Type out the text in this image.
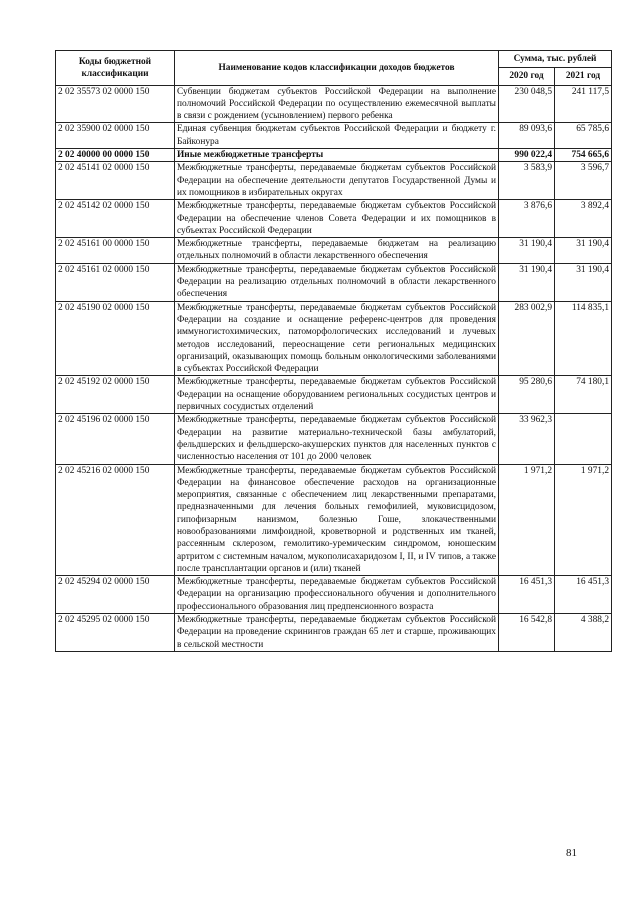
Коды бюджетной классификации	Наименование кодов классификации доходов бюджетов	Сумма, тыс. рублей	
		2020 год	2021 год
2 02 35573 02 0000 150	Субвенции бюджетам субъектов Российской Федерации на выполнение полномочий Российской Федерации по осуществлению ежемесячной выплаты в связи с рождением (усыновлением) первого ребенка	230 048,5	241 117,5
2 02 35900 02 0000 150	Единая субвенция бюджетам субъектов Российской Федерации и бюджету г. Байконура	89 093,6	65 785,6
2 02 40000 00 0000 150	Иные межбюджетные трансферты	990 022,4	754 665,6
2 02 45141 02 0000 150	Межбюджетные трансферты, передаваемые бюджетам субъектов Российской Федерации на обеспечение деятельности депутатов Государственной Думы и их помощников в избирательных округах	3 583,9	3 596,7
2 02 45142 02 0000 150	Межбюджетные трансферты, передаваемые бюджетам субъектов Российской Федерации на обеспечение членов Совета Федерации и их помощников в субъектах Российской Федерации	3 876,6	3 892,4
2 02 45161 00 0000 150	Межбюджетные трансферты, передаваемые бюджетам на реализацию отдельных полномочий в области лекарственного обеспечения	31 190,4	31 190,4
2 02 45161 02 0000 150	Межбюджетные трансферты, передаваемые бюджетам субъектов Российской Федерации на реализацию отдельных полномочий в области лекарственного обеспечения	31 190,4	31 190,4
2 02 45190 02 0000 150	Межбюджетные трансферты, передаваемые бюджетам субъектов Российской Федерации на создание и оснащение референс-центров для проведения иммуногистохимических, патоморфологических исследований и лучевых методов исследований, переоснащение сети региональных медицинских организаций, оказывающих помощь больным онкологическими заболеваниями в субъектах Российской Федерации	283 002,9	114 835,1
2 02 45192 02 0000 150	Межбюджетные трансферты, передаваемые бюджетам субъектов Российской Федерации на оснащение оборудованием региональных сосудистых центров и первичных сосудистых отделений	95 280,6	74 180,1
2 02 45196 02 0000 150	Межбюджетные трансферты, передаваемые бюджетам субъектов Российской Федерации на развитие материально-технической базы амбулаторий, фельдшерских и фельдшерско-акушерских пунктов для населенных пунктов с численностью населения от 101 до 2000 человек	33 962,3	
2 02 45216 02 0000 150	Межбюджетные трансферты, передаваемые бюджетам субъектов Российской Федерации на финансовое обеспечение расходов на организационные мероприятия, связанные с обеспечением лиц лекарственными препаратами, предназначенными для лечения больных гемофилией, муковисцидозом, гипофизарным нанизмом, болезнью Гоше, злокачественными новообразованиями лимфоидной, кроветворной и родственных им тканей, рассеянным склерозом, гемолитико-уремическим синдромом, юношеским артритом с системным началом, мукополисахаридозом I, II, и IV типов, а также после трансплантации органов и (или) тканей	1 971,2	1 971,2
2 02 45294 02 0000 150	Межбюджетные трансферты, передаваемые бюджетам субъектов Российской Федерации на организацию профессионального обучения и дополнительного профессионального образования лиц предпенсионного возраста	16 451,3	16 451,3
2 02 45295 02 0000 150	Межбюджетные трансферты, передаваемые бюджетам субъектов Российской Федерации на проведение скринингов граждан 65 лет и старше, проживающих в сельской местности	16 542,8	4 388,2
81
